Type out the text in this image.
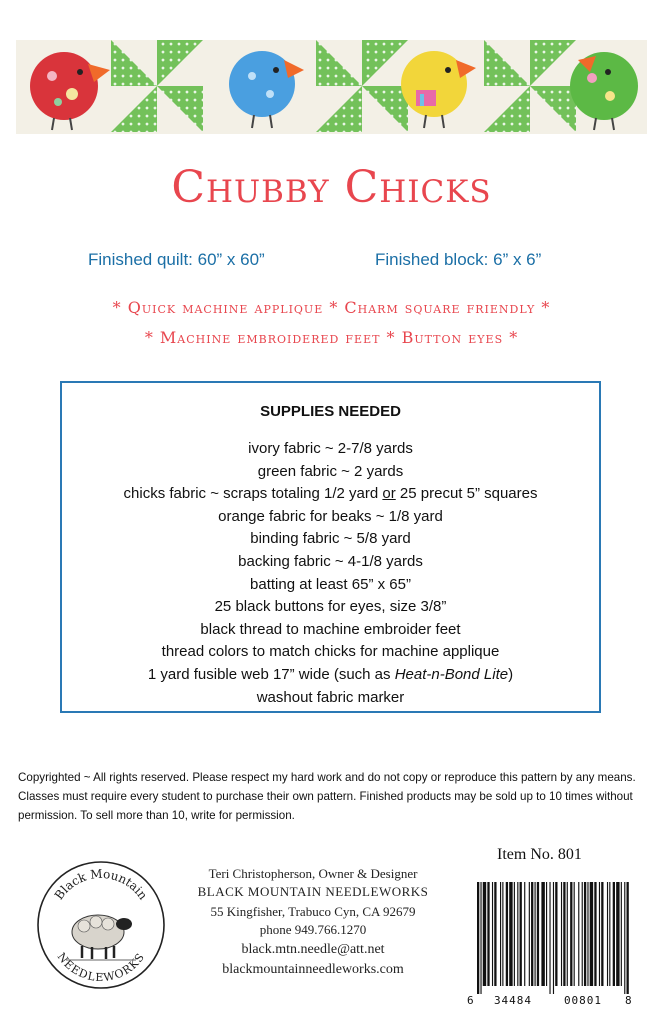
Chubby Chicks
Finished quilt: 60” x 60”	Finished block: 6” x 6”
* Quick machine applique * Charm square friendly *
* Machine embroidered feet * Button eyes *
SUPPLIES NEEDED
ivory fabric ~ 2-7/8 yards
green fabric ~ 2 yards
chicks fabric ~ scraps totaling 1/2 yard or 25 precut 5” squares
orange fabric for beaks ~ 1/8 yard
binding fabric ~ 5/8 yard
backing fabric ~ 4-1/8 yards
batting at least 65” x 65”
25 black buttons for eyes, size 3/8”
black thread to machine embroider feet
thread colors to match chicks for machine applique
1 yard fusible web 17” wide (such as Heat-n-Bond Lite)
washout fabric marker
Copyrighted ~ All rights reserved. Please respect my hard work and do not copy or reproduce this pattern by any means. Classes must require every student to purchase their own pattern. Finished products may be sold up to 10 times without permission. To sell more than 10, write for permission.
Item No. 801
Black Mountain
NEEDLEWORKS
Teri Christopherson, Owner & Designer
BLACK MOUNTAIN NEEDLEWORKS
55 Kingfisher, Trabuco Cyn, CA 92679
phone 949.766.1270
black.mtn.needle@att.net
blackmountainneedleworks.com
6 34484	00801 8
